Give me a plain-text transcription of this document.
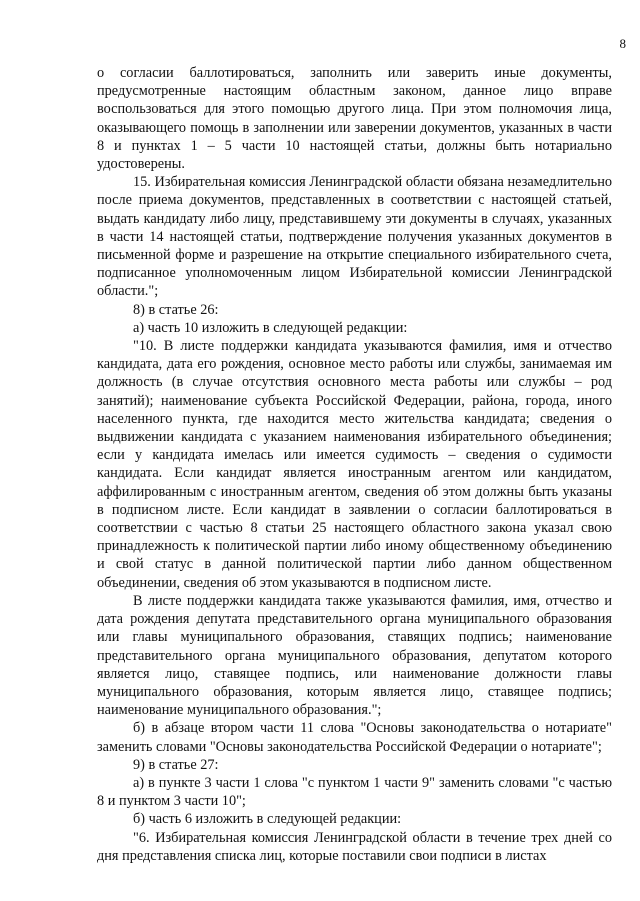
8

о согласии баллотироваться, заполнить или заверить иные документы, предусмотренные настоящим областным законом, данное лицо вправе воспользоваться для этого помощью другого лица. При этом полномочия лица, оказывающего помощь в заполнении или заверении документов, указанных в части 8 и пунктах 1 – 5 части 10 настоящей статьи, должны быть нотариально удостоверены.

15. Избирательная комиссия Ленинградской области обязана незамедлительно после приема документов, представленных в соответствии с настоящей статьей, выдать кандидату либо лицу, представившему эти документы в случаях, указанных в части 14 настоящей статьи, подтверждение получения указанных документов в письменной форме и разрешение на открытие специального избирательного счета, подписанное уполномоченным лицом Избирательной комиссии Ленинградской области.";

8) в статье 26:

а) часть 10 изложить в следующей редакции:

"10. В листе поддержки кандидата указываются фамилия, имя и отчество кандидата, дата его рождения, основное место работы или службы, занимаемая им должность (в случае отсутствия основного места работы или службы – род занятий); наименование субъекта Российской Федерации, района, города, иного населенного пункта, где находится место жительства кандидата; сведения о выдвижении кандидата с указанием наименования избирательного объединения; если у кандидата имелась или имеется судимость – сведения о судимости кандидата. Если кандидат является иностранным агентом или кандидатом, аффилированным с иностранным агентом, сведения об этом должны быть указаны в подписном листе. Если кандидат в заявлении о согласии баллотироваться в соответствии с частью 8 статьи 25 настоящего областного закона указал свою принадлежность к политической партии либо иному общественному объединению и свой статус в данной политической партии либо данном общественном объединении, сведения об этом указываются в подписном листе.

В листе поддержки кандидата также указываются фамилия, имя, отчество и дата рождения депутата представительного органа муниципального образования или главы муниципального образования, ставящих подпись; наименование представительного органа муниципального образования, депутатом которого является лицо, ставящее подпись, или наименование должности главы муниципального образования, которым является лицо, ставящее подпись; наименование муниципального образования.";

б) в абзаце втором части 11 слова "Основы законодательства о нотариате" заменить словами "Основы законодательства Российской Федерации о нотариате";

9) в статье 27:

а) в пункте 3 части 1 слова "с пунктом 1 части 9" заменить словами "с частью 8 и пунктом 3 части 10";

б) часть 6 изложить в следующей редакции:

"6. Избирательная комиссия Ленинградской области в течение трех дней со дня представления списка лиц, которые поставили свои подписи в листах
